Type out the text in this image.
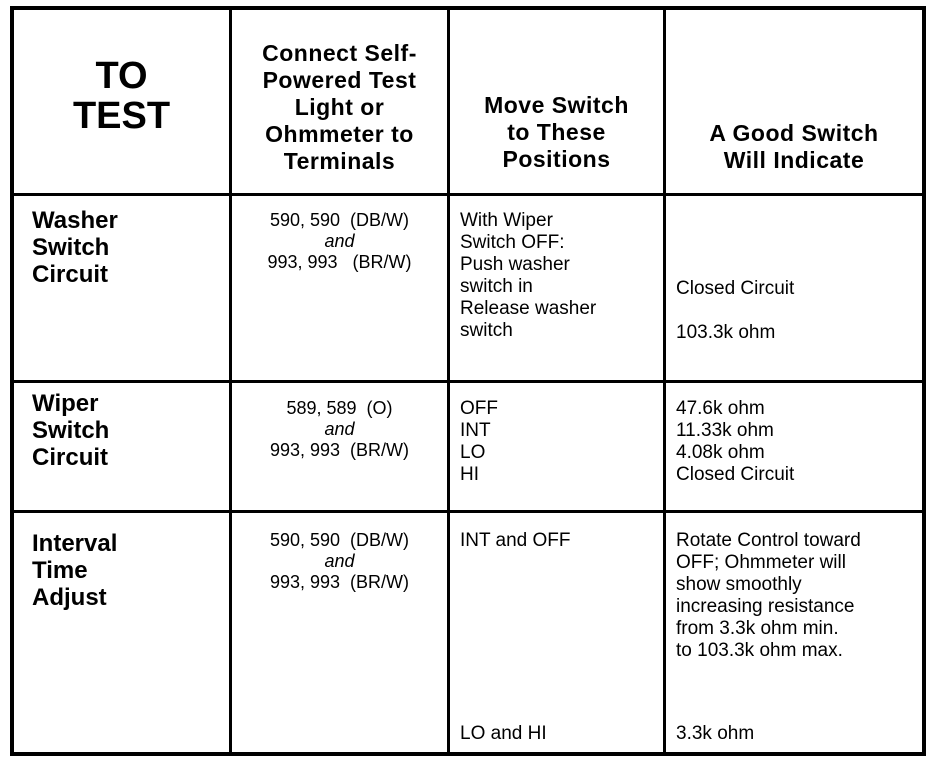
TO
TEST
Connect Self-
Powered Test
Light or
Ohmmeter to
Terminals
Move Switch
to These
Positions
A Good Switch
Will Indicate
Washer
Switch
Circuit
590, 590  (DB/W)
and
993, 993   (BR/W)
With Wiper
Switch OFF:
Push washer
switch in
Release washer
switch
Closed Circuit
103.3k ohm
Wiper
Switch
Circuit
589, 589  (O)
and
993, 993  (BR/W)
OFF
INT
LO
HI
47.6k ohm
11.33k ohm
4.08k ohm
Closed Circuit
Interval
Time
Adjust
590, 590  (DB/W)
and
993, 993  (BR/W)
INT and OFF
LO and HI
Rotate Control toward
OFF; Ohmmeter will
show smoothly
increasing resistance
from 3.3k ohm min.
to 103.3k ohm max.
3.3k ohm
